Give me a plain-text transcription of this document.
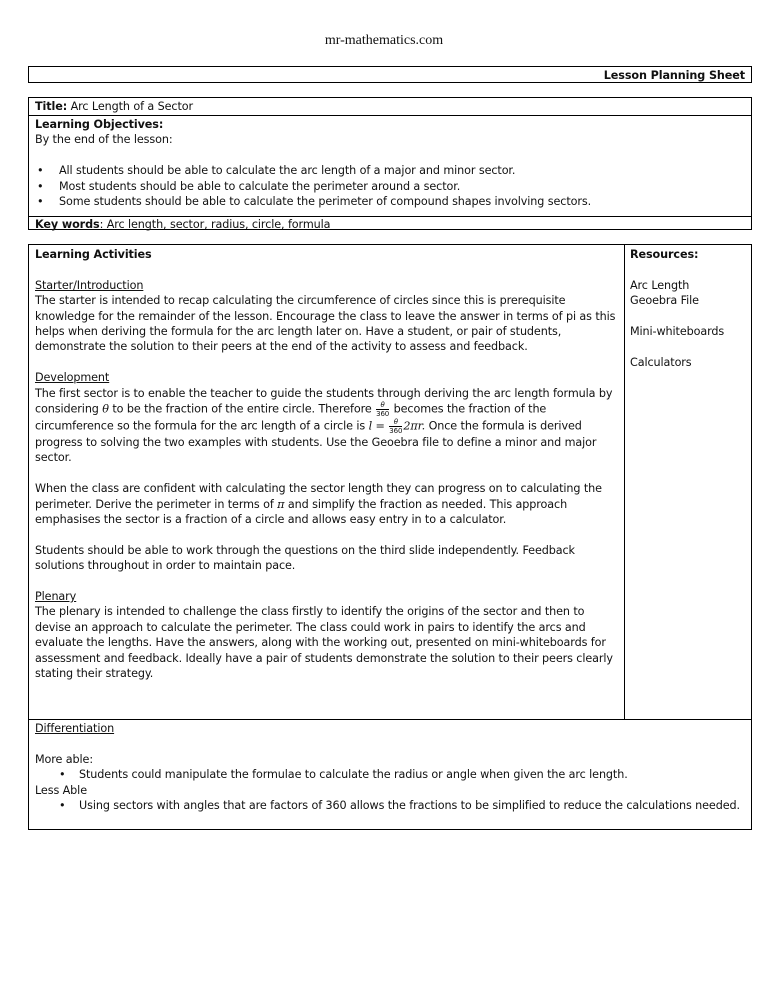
mr-mathematics.com
Lesson Planning Sheet
Title: Arc Length of a Sector
Learning Objectives:
By the end of the lesson:
• All students should be able to calculate the arc length of a major and minor sector.
• Most students should be able to calculate the perimeter around a sector.
• Some students should be able to calculate the perimeter of compound shapes involving sectors.
Key words: Arc length, sector, radius, circle, formula
Learning Activities
Starter/Introduction
The starter is intended to recap calculating the circumference of circles since this is prerequisite knowledge for the remainder of the lesson. Encourage the class to leave the answer in terms of pi as this helps when deriving the formula for the arc length later on. Have a student, or pair of students, demonstrate the solution to their peers at the end of the activity to assess and feedback.
Development
The first sector is to enable the teacher to guide the students through deriving the arc length formula by considering θ to be the fraction of the entire circle. Therefore $\frac{\theta}{360}$ becomes the fraction of the circumference so the formula for the arc length of a circle is $l = \frac{\theta}{360} 2\pi r$. Once the formula is derived progress to solving the two examples with students. Use the Geoebra file to define a minor and major sector.
When the class are confident with calculating the sector length they can progress on to calculating the perimeter. Derive the perimeter in terms of π and simplify the fraction as needed. This approach emphasises the sector is a fraction of a circle and allows easy entry in to a calculator.
Students should be able to work through the questions on the third slide independently. Feedback solutions throughout in order to maintain pace.
Plenary
The plenary is intended to challenge the class firstly to identify the origins of the sector and then to devise an approach to calculate the perimeter. The class could work in pairs to identify the arcs and evaluate the lengths. Have the answers, along with the working out, presented on mini-whiteboards for assessment and feedback. Ideally have a pair of students demonstrate the solution to their peers clearly stating their strategy.
Resources:
Arc Length Geoebra File
Mini-whiteboards
Calculators
Differentiation
More able:
• Students could manipulate the formulae to calculate the radius or angle when given the arc length.
Less Able
• Using sectors with angles that are factors of 360 allows the fractions to be simplified to reduce the calculations needed.
